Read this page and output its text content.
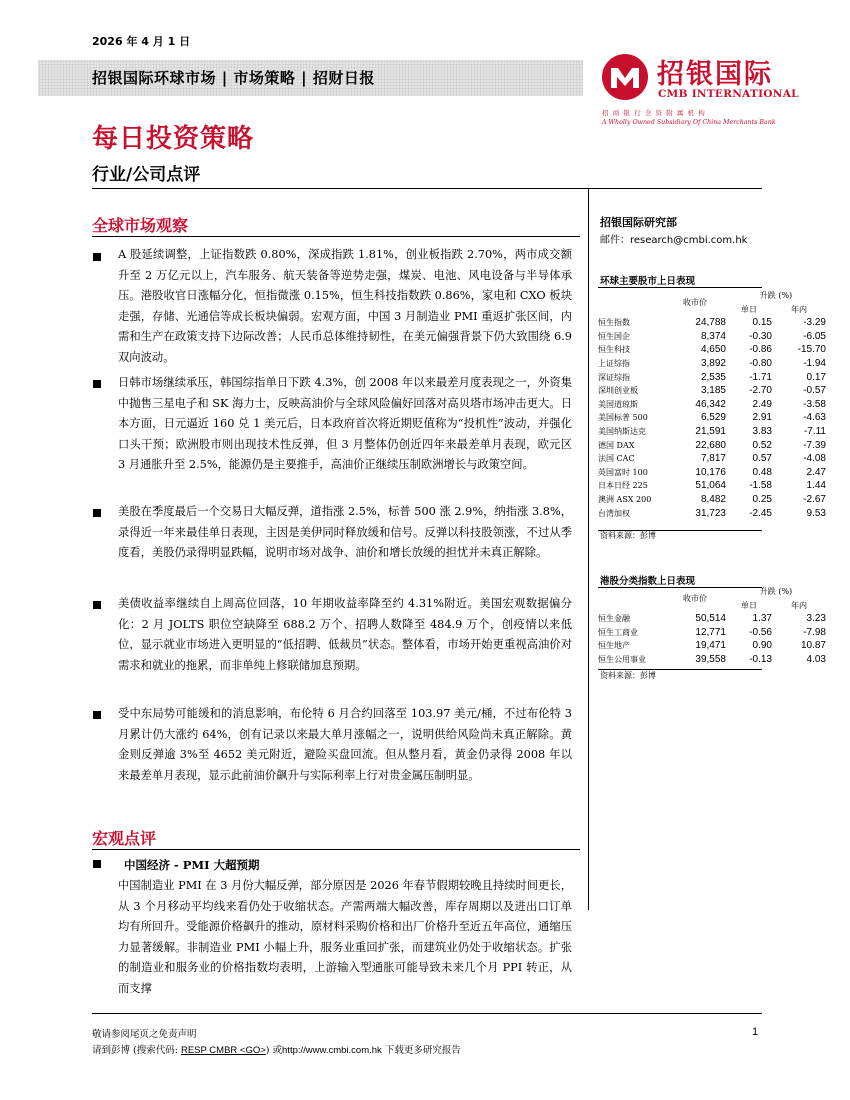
2026 年 4 月 1 日
招银国际环球市场 | 市场策略 | 招财日报	招银国际
CMB INTERNATIONAL
招商银行全资附属机构
A Wholly Owned Subsidiary Of China Merchants Bank
每日投资策略
行业/公司点评
全球市场观察
A 股延续调整，上证指数跌 0.80%，深成指跌 1.81%，创业板指跌 2.70%，两市成交额升至 2 万亿元以上，汽车服务、航天装备等逆势走强，煤炭、电池、风电设备与半导体承压。港股收官日涨幅分化，恒指微涨 0.15%，恒生科技指数跌 0.86%，家电和 CXO 板块走强，存储、光通信等成长板块偏弱。宏观方面，中国 3 月制造业 PMI 重返扩张区间，内需和生产在政策支持下边际改善；人民币总体维持韧性，在美元偏强背景下仍大致围绕 6.9 双向波动。
日韩市场继续承压，韩国综指单日下跌 4.3%，创 2008 年以来最差月度表现之一，外资集中抛售三星电子和 SK 海力士，反映高油价与全球风险偏好回落对高贝塔市场冲击更大。日本方面，日元逼近 160 兑 1 美元后，日本政府首次将近期贬值称为“投机性”波动，并强化口头干预；欧洲股市则出现技术性反弹，但 3 月整体仍创近四年来最差单月表现，欧元区 3 月通胀升至 2.5%，能源仍是主要推手，高油价正继续压制欧洲增长与政策空间。
美股在季度最后一个交易日大幅反弹，道指涨 2.5%，标普 500 涨 2.9%，纳指涨 3.8%，录得近一年来最佳单日表现，主因是美伊同时释放缓和信号。反弹以科技股领涨，不过从季度看，美股仍录得明显跌幅，说明市场对战争、油价和增长放缓的担忧并未真正解除。
美债收益率继续自上周高位回落，10 年期收益率降至约 4.31%附近。美国宏观数据偏分化：2 月 JOLTS 职位空缺降至 688.2 万个、招聘人数降至 484.9 万个，创疫情以来低位，显示就业市场进入更明显的“低招聘、低裁员”状态。整体看，市场开始更重视高油价对需求和就业的拖累，而非单纯上修联储加息预期。
受中东局势可能缓和的消息影响，布伦特 6 月合约回落至 103.97 美元/桶，不过布伦特 3 月累计仍大涨约 64%，创有记录以来最大单月涨幅之一，说明供给风险尚未真正解除。黄金则反弹逾 3%至 4652 美元附近，避险买盘回流。但从整月看，黄金仍录得 2008 年以来最差单月表现，显示此前油价飙升与实际利率上行对贵金属压制明显。
宏观点评
中国经济 - PMI 大超预期
中国制造业 PMI 在 3 月份大幅反弹，部分原因是 2026 年春节假期较晚且持续时间更长，从 3 个月移动平均线来看仍处于收缩状态。产需两端大幅改善，库存周期以及进出口订单均有所回升。受能源价格飙升的推动，原材料采购价格和出厂价格升至近五年高位，通缩压力显著缓解。非制造业 PMI 小幅上升，服务业重回扩张，而建筑业仍处于收缩状态。扩张的制造业和服务业的价格指数均表明，上游输入型通胀可能导致未来几个月 PPI 转正，从而支撑
招银国际研究部
邮件：research@cmbi.com.hk
环球主要股市上日表现
	收市价	升跌 (%)	
		单日	年内
恒生指数	24,788	0.15	-3.29
恒生国企	8,374	-0.30	-6.05
恒生科技	4,650	-0.86	-15.70
上证综指	3,892	-0.80	-1.94
深证综指	2,535	-1.71	0.17
深圳创业板	3,185	-2.70	-0.57
美国道琼斯	46,342	2.49	-3.58
美国标普 500	6,529	2.91	-4.63
美国纳斯达克	21,591	3.83	-7.11
德国 DAX	22,680	0.52	-7.39
法国 CAC	7,817	0.57	-4.08
英国富时 100	10,176	0.48	2.47
日本日经 225	51,064	-1.58	1.44
澳洲 ASX 200	8,482	0.25	-2.67
台湾加权	31,723	-2.45	9.53
资料来源：彭博
港股分类指数上日表现
	收市价	升跌 (%)	
		单日	年内
恒生金融	50,514	1.37	3.23
恒生工商业	12,771	-0.56	-7.98
恒生地产	19,471	0.90	10.87
恒生公用事业	39,558	-0.13	4.03
资料来源：彭博
敬请参阅尾页之免责声明	1
请到彭博 (搜索代码: RESP CMBR <GO>) 或http://www.cmbi.com.hk 下载更多研究报告
